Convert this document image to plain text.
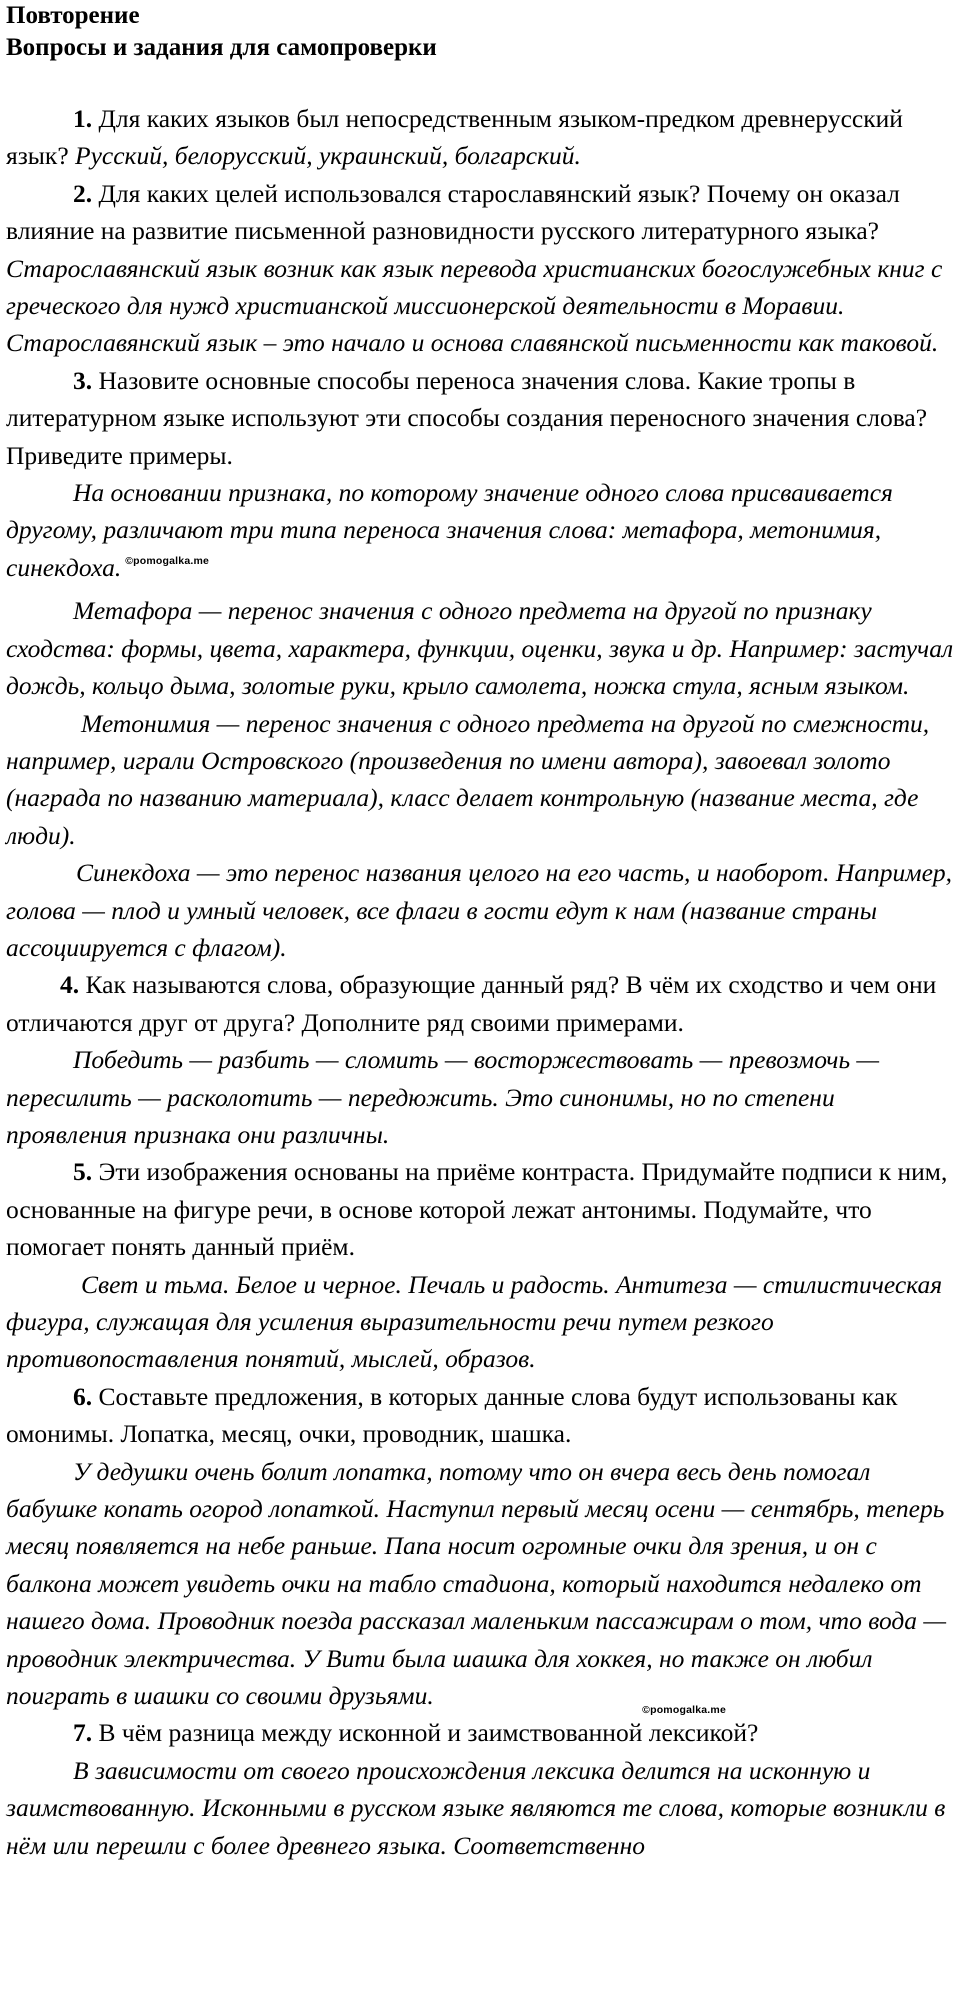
Повторение
Вопросы и задания для самопроверки

1. Для каких языков был непосредственным языком-предком древнерусский язык? Русский, белорусский, украинский, болгарский.

2. Для каких целей использовался старославянский язык? Почему он оказал влияние на развитие письменной разновидности русского литературного языка? Старославянский язык возник как язык перевода христианских богослужебных книг с греческого для нужд христианской миссионерской деятельности в Моравии. Старославянский язык – это начало и основа славянской письменности как таковой.

3. Назовите основные способы переноса значения слова. Какие тропы в литературном языке используют эти способы создания переносного значения слова? Приведите примеры.

На основании признака, по которому значение одного слова присваивается другому, различают три типа переноса значения слова: метафора, метонимия, синекдоха. $^{©pomogalka.me}$

Метафора — перенос значения с одного предмета на другой по признаку сходства: формы, цвета, характера, функции, оценки, звука и др. Например: застучал дождь, кольцо дыма, золотые руки, крыло самолета, ножка стула, ясным языком.

Метонимия — перенос значения с одного предмета на другой по смежности, например, играли Островского (произведения по имени автора), завоевал золото (награда по названию материала), класс делает контрольную (название места, где люди).

Синекдоха — это перенос названия целого на его часть, и наоборот. Например, голова — плод и умный человек, все флаги в гости едут к нам (название страны ассоциируется с флагом).

4. Как называются слова, образующие данный ряд? В чём их сходство и чем они отличаются друг от друга? Дополните ряд своими примерами.

Победить — разбить — сломить — восторжествовать — превозмочь — пересилить — расколотить — передюжить. Это синонимы, но по степени проявления признака они различны.

5. Эти изображения основаны на приёме контраста. Придумайте подписи к ним, основанные на фигуре речи, в основе которой лежат антонимы. Подумайте, что помогает понять данный приём.

Свет и тьма. Белое и черное. Печаль и радость. Антитеза — стилистическая фигура, служащая для усиления выразительности речи путем резкого противопоставления понятий, мыслей, образов.

6. Составьте предложения, в которых данные слова будут использованы как омонимы. Лопатка, месяц, очки, проводник, шашка.

У дедушки очень болит лопатка, потому что он вчера весь день помогал бабушке копать огород лопаткой. Наступил первый месяц осени — сентябрь, теперь месяц появляется на небе раньше. Папа носит огромные очки для зрения, и он с балкона может увидеть очки на табло стадиона, который находится недалеко от нашего дома. Проводник поезда рассказал маленьким пассажирам о том, что вода — проводник электричества. У Вити была шашка для хоккея, но также он любил поиграть в шашки со своими друзьями.

©pomogalka.me

7. В чём разница между исконной и заимствованной лексикой?

В зависимости от своего происхождения лексика делится на исконную и заимствованную. Исконными в русском языке являются те слова, которые возникли в нём или перешли с более древнего языка. Соответственно
